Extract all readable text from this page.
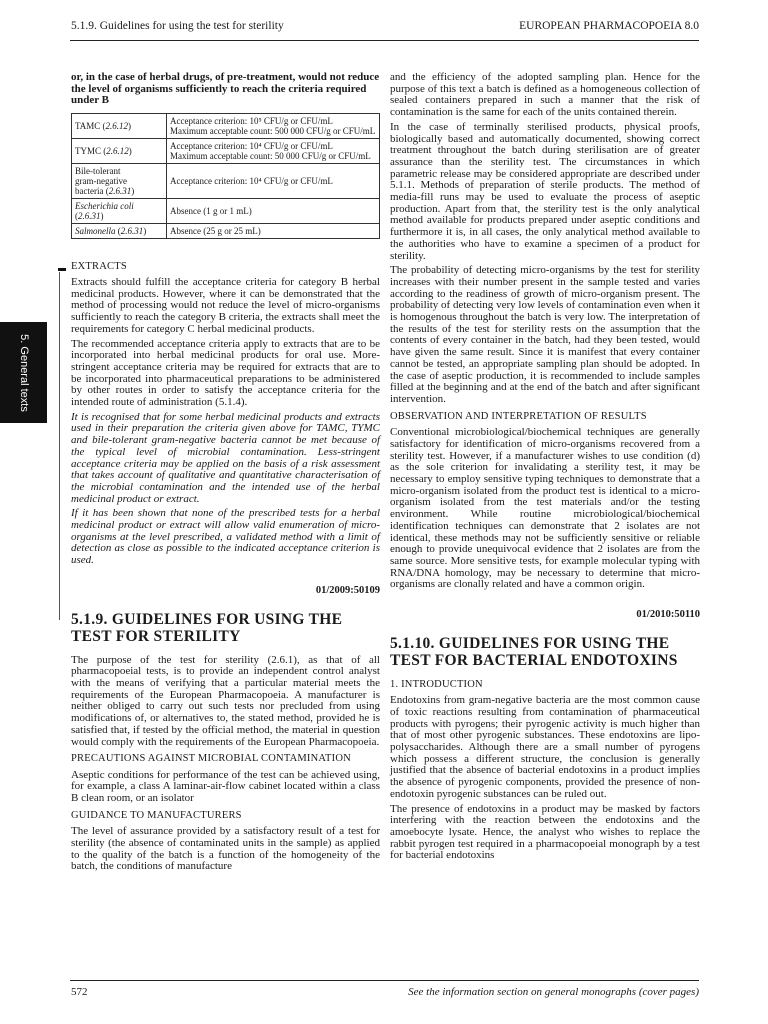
5.1.9. Guidelines for using the test for sterility	EUROPEAN PHARMACOPOEIA 8.0
5. General texts
or, in the case of herbal drugs, of pre-treatment, would not reduce the level of organisms sufficiently to reach the criteria required under B
TAMC (2.6.12)	Acceptance criterion: 10⁵ CFU/g or CFU/mL
Maximum acceptable count: 500 000 CFU/g or CFU/mL

TYMC (2.6.12)	Acceptance criterion: 10⁴ CFU/g or CFU/mL
Maximum acceptable count: 50 000 CFU/g or CFU/mL

Bile-tolerant
gram-negative
bacteria (2.6.31)	Acceptance criterion: 10⁴ CFU/g or CFU/mL
Escherichia coli
(2.6.31)	Absence (1 g or 1 mL)
Salmonella (2.6.31)	Absence (25 g or 25 mL)
EXTRACTS

Extracts should fulfill the acceptance criteria for category B herbal medicinal products. However, where it can be demonstrated that the method of processing would not reduce the level of micro-organisms sufficiently to reach the category B criteria, the extracts shall meet the requirements for category C herbal medicinal products.

The recommended acceptance criteria apply to extracts that are to be incorporated into herbal medicinal products for oral use. More-stringent acceptance criteria may be required for extracts that are to be incorporated into pharmaceutical preparations to be administered by other routes in order to satisfy the acceptance criteria for the intended route of administration (5.1.4).

It is recognised that for some herbal medicinal products and extracts used in their preparation the criteria given above for TAMC, TYMC and bile-tolerant gram-negative bacteria cannot be met because of the typical level of microbial contamination. Less-stringent acceptance criteria may be applied on the basis of a risk assessment that takes account of qualitative and quantitative characterisation of the microbial contamination and the intended use of the herbal medicinal product or extract.

If it has been shown that none of the prescribed tests for a herbal medicinal product or extract will allow valid enumeration of micro-organisms at the level prescribed, a validated method with a limit of detection as close as possible to the indicated acceptance criterion is used.

01/2009:50109
5.1.9. GUIDELINES FOR USING THE TEST FOR STERILITY

The purpose of the test for sterility (2.6.1), as that of all pharmacopoeial tests, is to provide an independent control analyst with the means of verifying that a particular material meets the requirements of the European Pharmacopoeia. A manufacturer is neither obliged to carry out such tests nor precluded from using modifications of, or alternatives to, the stated method, provided he is satisfied that, if tested by the official method, the material in question would comply with the requirements of the European Pharmacopoeia.

PRECAUTIONS AGAINST MICROBIAL CONTAMINATION

Aseptic conditions for performance of the test can be achieved using, for example, a class A laminar-air-flow cabinet located within a class B clean room, or an isolator

GUIDANCE TO MANUFACTURERS

The level of assurance provided by a satisfactory result of a test for sterility (the absence of contaminated units in the sample) as applied to the quality of the batch is a function of the homogeneity of the batch, the conditions of manufacture

and the efficiency of the adopted sampling plan. Hence for the purpose of this text a batch is defined as a homogeneous collection of sealed containers prepared in such a manner that the risk of contamination is the same for each of the units contained therein.

In the case of terminally sterilised products, physical proofs, biologically based and automatically documented, showing correct treatment throughout the batch during sterilisation are of greater assurance than the sterility test. The circumstances in which parametric release may be considered appropriate are described under 5.1.1. Methods of preparation of sterile products. The method of media-fill runs may be used to evaluate the process of aseptic production. Apart from that, the sterility test is the only analytical method available for products prepared under aseptic conditions and furthermore it is, in all cases, the only analytical method available to the authorities who have to examine a specimen of a product for sterility.

The probability of detecting micro-organisms by the test for sterility increases with their number present in the sample tested and varies according to the readiness of growth of micro-organism present. The probability of detecting very low levels of contamination even when it is homogenous throughout the batch is very low. The interpretation of the results of the test for sterility rests on the assumption that the contents of every container in the batch, had they been tested, would have given the same result. Since it is manifest that every container cannot be tested, an appropriate sampling plan should be adopted. In the case of aseptic production, it is recommended to include samples filled at the beginning and at the end of the batch and after significant intervention.

OBSERVATION AND INTERPRETATION OF RESULTS

Conventional microbiological/biochemical techniques are generally satisfactory for identification of micro-organisms recovered from a sterility test. However, if a manufacturer wishes to use condition (d) as the sole criterion for invalidating a sterility test, it may be necessary to employ sensitive typing techniques to demonstrate that a micro-organism isolated from the product test is identical to a micro-organism isolated from the test materials and/or the testing environment. While routine microbiological/biochemical identification techniques can demonstrate that 2 isolates are not identical, these methods may not be sufficiently sensitive or reliable enough to provide unequivocal evidence that 2 isolates are from the same source. More sensitive tests, for example molecular typing with RNA/DNA homology, may be necessary to determine that micro-organisms are clonally related and have a common origin.

01/2010:50110
5.1.10. GUIDELINES FOR USING THE TEST FOR BACTERIAL ENDOTOXINS
1. INTRODUCTION

Endotoxins from gram-negative bacteria are the most common cause of toxic reactions resulting from contamination of pharmaceutical products with pyrogens; their pyrogenic activity is much higher than that of most other pyrogenic substances. These endotoxins are lipo-polysaccharides. Although there are a small number of pyrogens which possess a different structure, the conclusion is generally justified that the absence of bacterial endotoxins in a product implies the absence of pyrogenic components, provided the presence of non-endotoxin pyrogenic substances can be ruled out.

The presence of endotoxins in a product may be masked by factors interfering with the reaction between the endotoxins and the amoebocyte lysate. Hence, the analyst who wishes to replace the rabbit pyrogen test required in a pharmacopoeial monograph by a test for bacterial endotoxins

572	See the information section on general monographs (cover pages)
